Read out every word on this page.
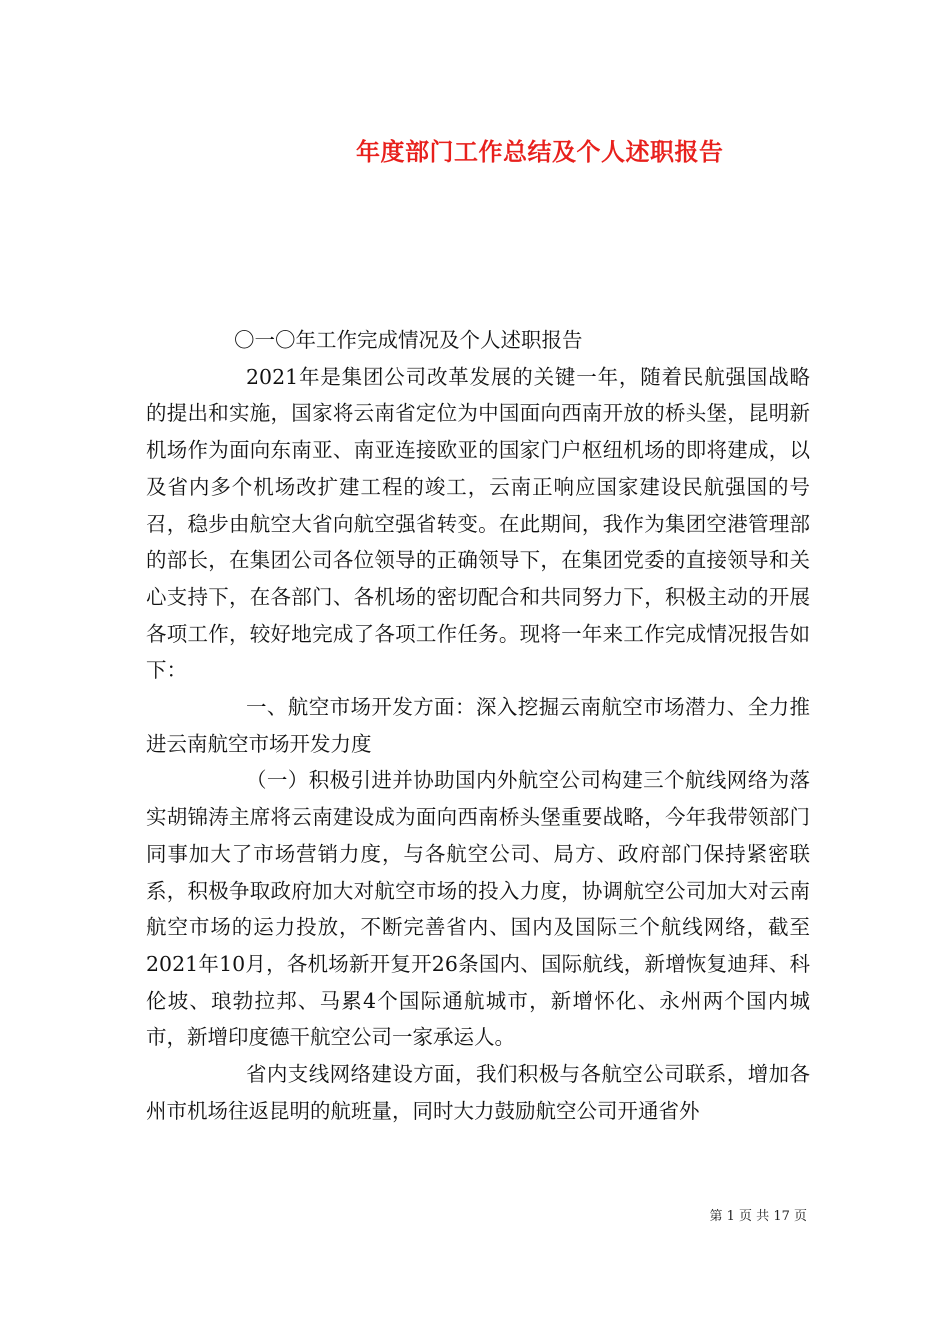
年度部门工作总结及个人述职报告

〇一〇年工作完成情况及个人述职报告

2021年是集团公司改革发展的关键一年，随着民航强国战略的提出和实施，国家将云南省定位为中国面向西南开放的桥头堡，昆明新机场作为面向东南亚、南亚连接欧亚的国家门户枢纽机场的即将建成，以及省内多个机场改扩建工程的竣工，云南正响应国家建设民航强国的号召，稳步由航空大省向航空强省转变。在此期间，我作为集团空港管理部的部长，在集团公司各位领导的正确领导下，在集团党委的直接领导和关心支持下，在各部门、各机场的密切配合和共同努力下，积极主动的开展各项工作，较好地完成了各项工作任务。现将一年来工作完成情况报告如下：

一、航空市场开发方面：深入挖掘云南航空市场潜力、全力推进云南航空市场开发力度

（一）积极引进并协助国内外航空公司构建三个航线网络为落实胡锦涛主席将云南建设成为面向西南桥头堡重要战略，今年我带领部门同事加大了市场营销力度，与各航空公司、局方、政府部门保持紧密联系，积极争取政府加大对航空市场的投入力度，协调航空公司加大对云南航空市场的运力投放，不断完善省内、国内及国际三个航线网络，截至2021年10月，各机场新开复开26条国内、国际航线，新增恢复迪拜、科伦坡、琅勃拉邦、马累4个国际通航城市，新增怀化、永州两个国内城市，新增印度德干航空公司一家承运人。

省内支线网络建设方面，我们积极与各航空公司联系，增加各州市机场往返昆明的航班量，同时大力鼓励航空公司开通省外

第 1 页 共 17 页
